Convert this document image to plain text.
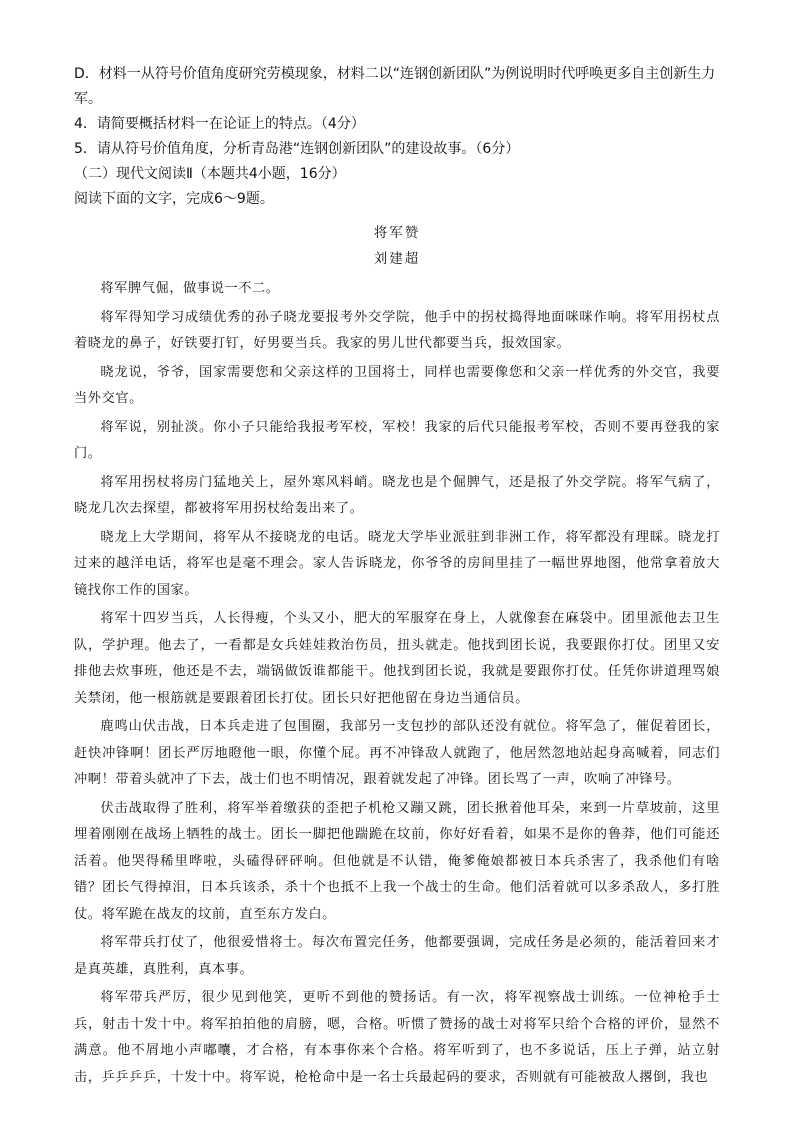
D．材料一从符号价值角度研究劳模现象，材料二以“连钢创新团队”为例说明时代呼唤更多自主创新生力军。

4．请简要概括材料一在论证上的特点。（4分）

5．请从符号价值角度，分析青岛港“连钢创新团队”的建设故事。（6分）

（二）现代文阅读Ⅱ（本题共4小题，16分）

阅读下面的文字，完成6～9题。

将军赞

刘建超

将军脾气倔，做事说一不二。

将军得知学习成绩优秀的孙子晓龙要报考外交学院，他手中的拐杖捣得地面咪咪作响。将军用拐杖点着晓龙的鼻子，好铁要打钉，好男要当兵。我家的男儿世代都要当兵，报效国家。

晓龙说，爷爷，国家需要您和父亲这样的卫国将士，同样也需要像您和父亲一样优秀的外交官，我要当外交官。

将军说，别扯淡。你小子只能给我报考军校，军校！我家的后代只能报考军校，否则不要再登我的家门。

将军用拐杖将房门猛地关上，屋外寒风料峭。晓龙也是个倔脾气，还是报了外交学院。将军气病了，晓龙几次去探望，都被将军用拐杖给轰出来了。

晓龙上大学期间，将军从不接晓龙的电话。晓龙大学毕业派驻到非洲工作，将军都没有理睬。晓龙打过来的越洋电话，将军也是毫不理会。家人告诉晓龙，你爷爷的房间里挂了一幅世界地图，他常拿着放大镜找你工作的国家。

将军十四岁当兵，人长得瘦，个头又小，肥大的军服穿在身上，人就像套在麻袋中。团里派他去卫生队，学护理。他去了，一看都是女兵娃娃救治伤员，扭头就走。他找到团长说，我要跟你打仗。团里又安排他去炊事班，他还是不去，端锅做饭谁都能干。他找到团长说，我就是要跟你打仗。任凭你讲道理骂娘关禁闭，他一根筋就是要跟着团长打仗。团长只好把他留在身边当通信员。

鹿鸣山伏击战，日本兵走进了包围圈，我部另一支包抄的部队还没有就位。将军急了，催促着团长，赶快冲锋啊！团长严厉地瞪他一眼，你懂个屁。再不冲锋敌人就跑了，他居然忽地站起身高喊着，同志们冲啊！带着头就冲了下去，战士们也不明情况，跟着就发起了冲锋。团长骂了一声，吹响了冲锋号。

伏击战取得了胜利，将军举着缴获的歪把子机枪又蹦又跳，团长揪着他耳朵，来到一片草坡前，这里埋着刚刚在战场上牺牲的战士。团长一脚把他踹跪在坟前，你好好看着，如果不是你的鲁莽，他们可能还活着。他哭得稀里哗啦，头磕得砰砰响。但他就是不认错，俺爹俺娘都被日本兵杀害了，我杀他们有啥错？团长气得掉泪，日本兵该杀，杀十个也抵不上我一个战士的生命。他们活着就可以多杀敌人，多打胜仗。将军跪在战友的坟前，直至东方发白。

将军带兵打仗了，他很爱惜将士。每次布置完任务，他都要强调，完成任务是必须的，能活着回来才是真英雄，真胜利，真本事。

将军带兵严厉，很少见到他笑，更听不到他的赞扬话。有一次，将军视察战士训练。一位神枪手士兵，射击十发十中。将军拍拍他的肩膀，嗯，合格。听惯了赞扬的战士对将军只给个合格的评价，显然不满意。他不屑地小声嘟囔，才合格，有本事你来个合格。将军听到了，也不多说话，压上子弹，站立射击，乒乒乒乒，十发十中。将军说，枪枪命中是一名士兵最起码的要求，否则就有可能被敌人撂倒，我也
